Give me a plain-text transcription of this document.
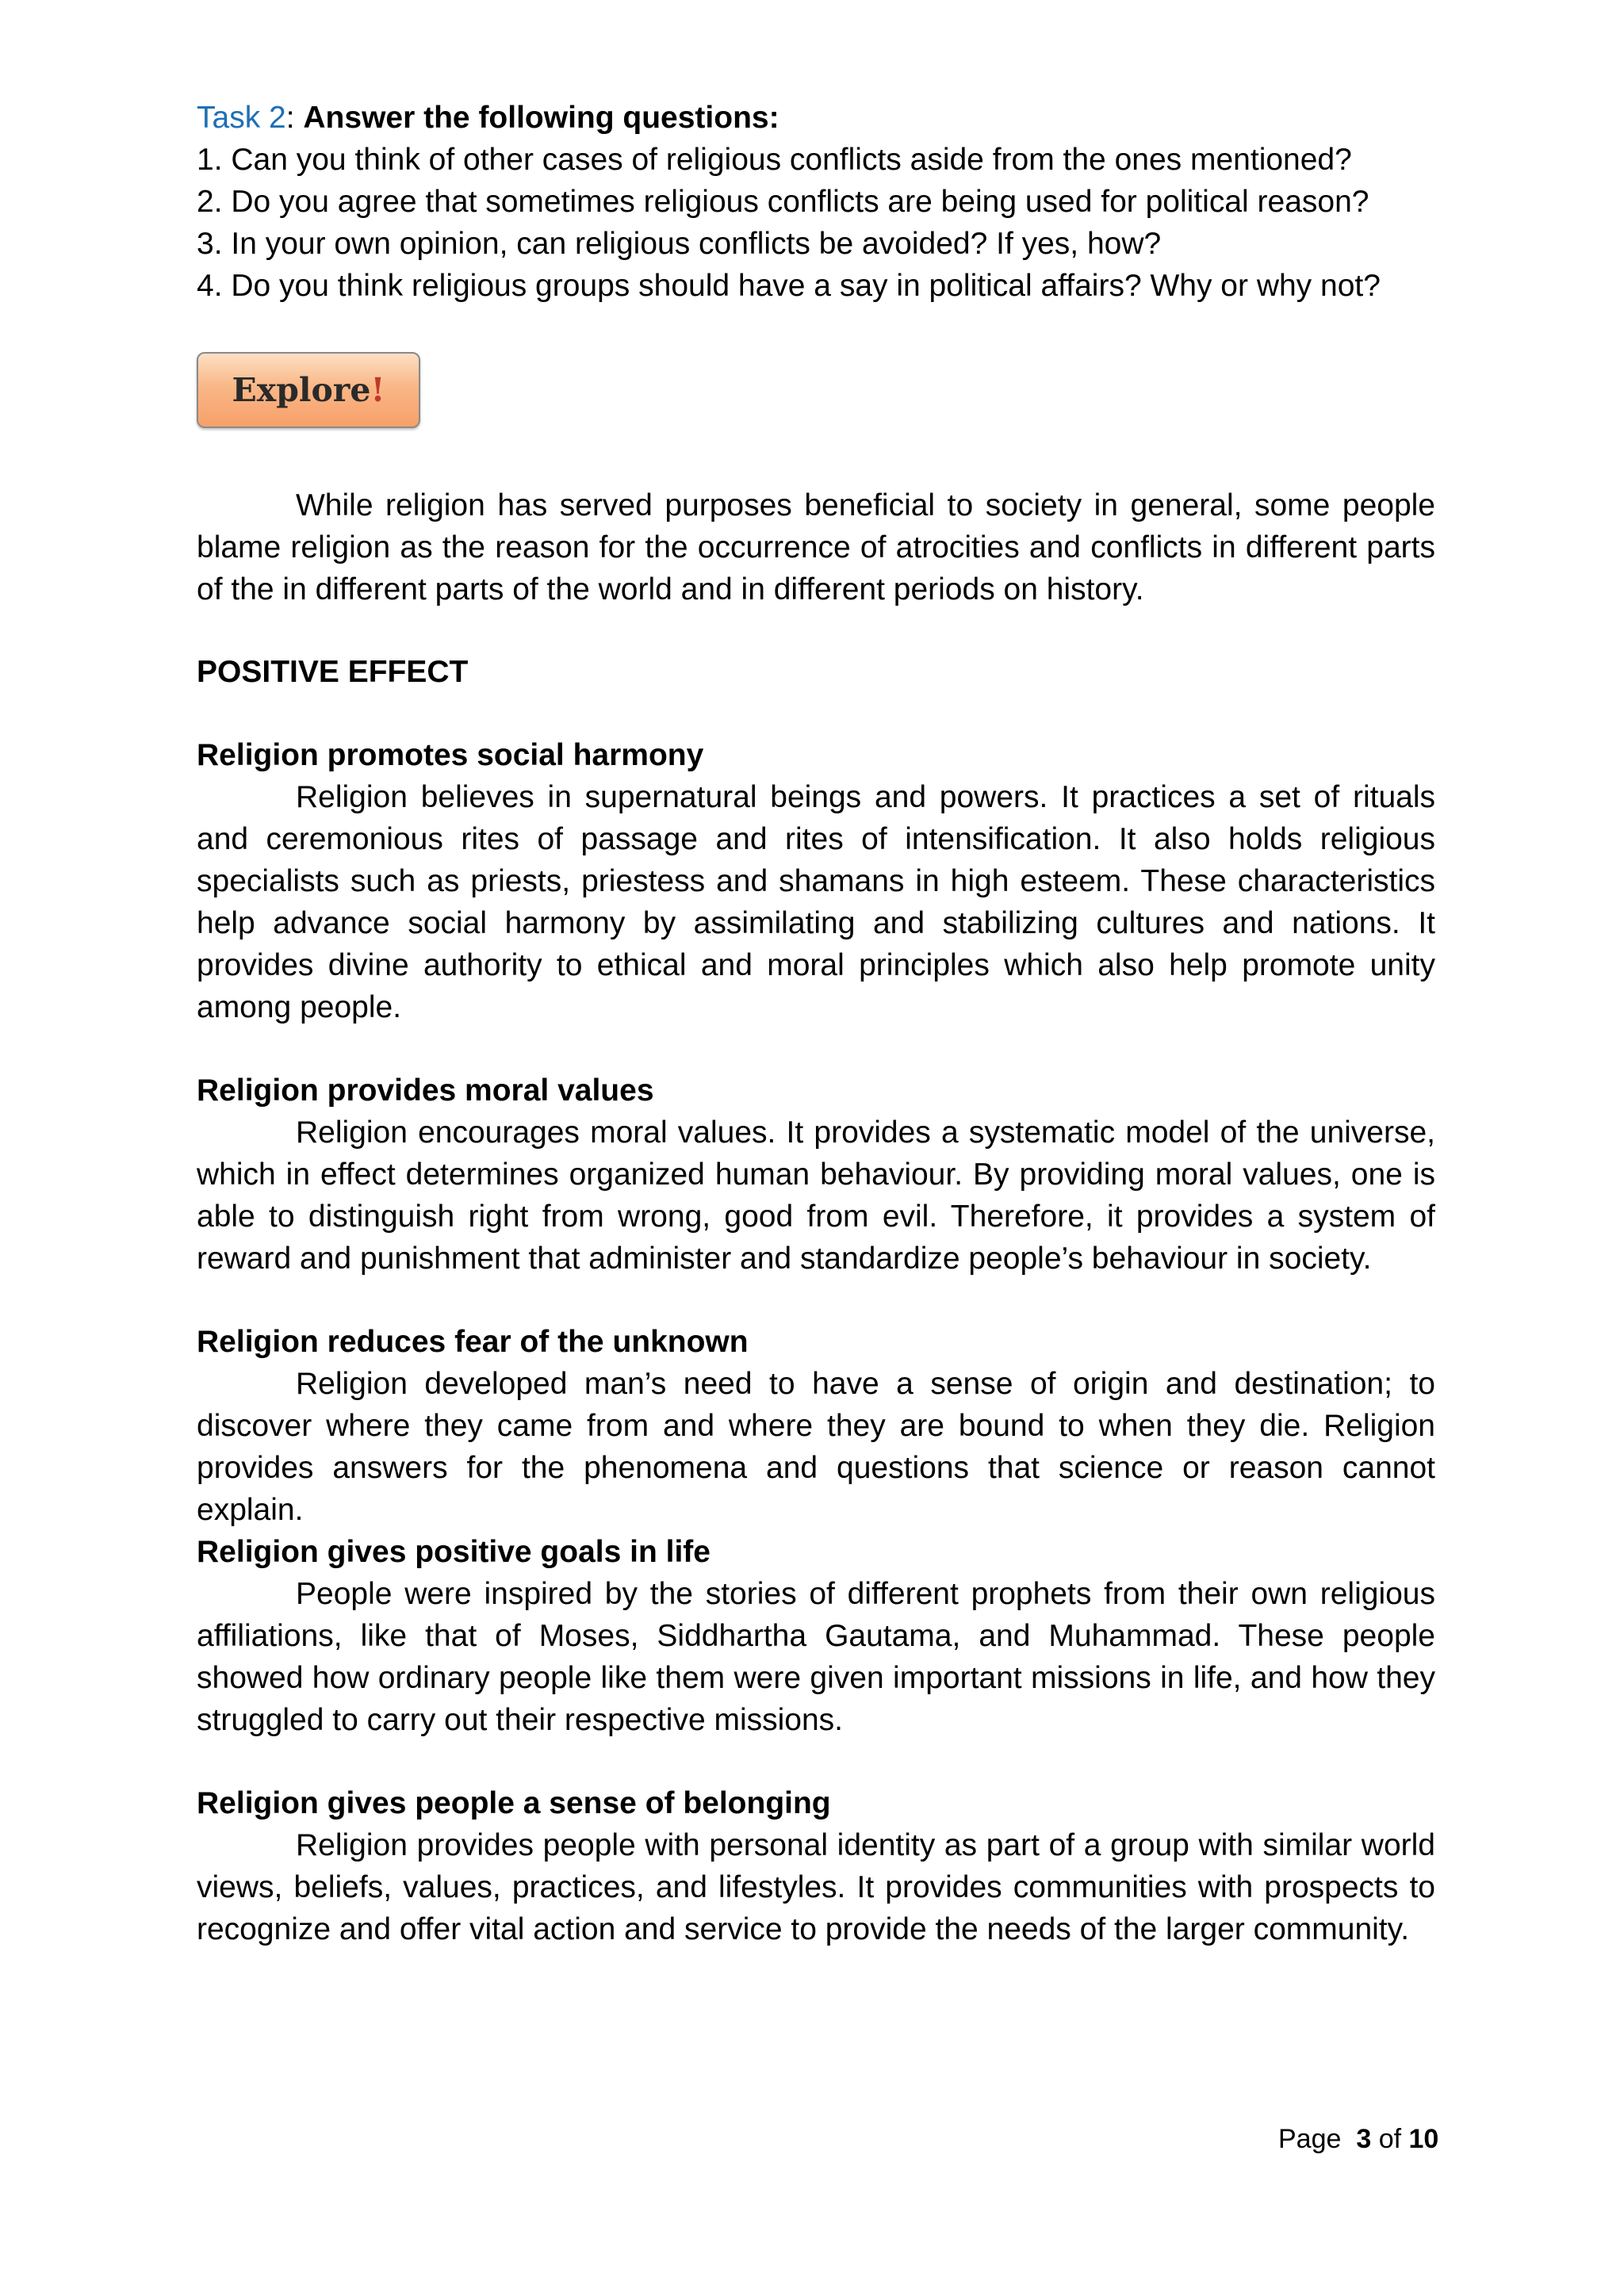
Task 2: Answer the following questions:

1. Can you think of other cases of religious conflicts aside from the ones mentioned?
2. Do you agree that sometimes religious conflicts are being used for political reason?
3. In your own opinion, can religious conflicts be avoided? If yes, how?
4. Do you think religious groups should have a say in political affairs? Why or why not?
Explore!

While religion has served purposes beneficial to society in general, some people blame religion as the reason for the occurrence of atrocities and conflicts in different parts of the in different parts of the world and in different periods on history.

POSITIVE EFFECT

Religion promotes social harmony

Religion believes in supernatural beings and powers. It practices a set of rituals and ceremonious rites of passage and rites of intensification. It also holds religious specialists such as priests, priestess and shamans in high esteem. These characteristics help advance social harmony by assimilating and stabilizing cultures and nations. It provides divine authority to ethical and moral principles which also help promote unity among people.

Religion provides moral values

Religion encourages moral values. It provides a systematic model of the universe, which in effect determines organized human behaviour. By providing moral values, one is able to distinguish right from wrong, good from evil. Therefore, it provides a system of reward and punishment that administer and standardize people’s behaviour in society.

Religion reduces fear of the unknown

Religion developed man’s need to have a sense of origin and destination; to discover where they came from and where they are bound to when they die. Religion provides answers for the phenomena and questions that science or reason cannot explain.

Religion gives positive goals in life

People were inspired by the stories of different prophets from their own religious affiliations, like that of Moses, Siddhartha Gautama, and Muhammad. These people showed how ordinary people like them were given important missions in life, and how they struggled to carry out their respective missions.

Religion gives people a sense of belonging

Religion provides people with personal identity as part of a group with similar world views, beliefs, values, practices, and lifestyles. It provides communities with prospects to recognize and offer vital action and service to provide the needs of the larger community.

Page 3 of 10
